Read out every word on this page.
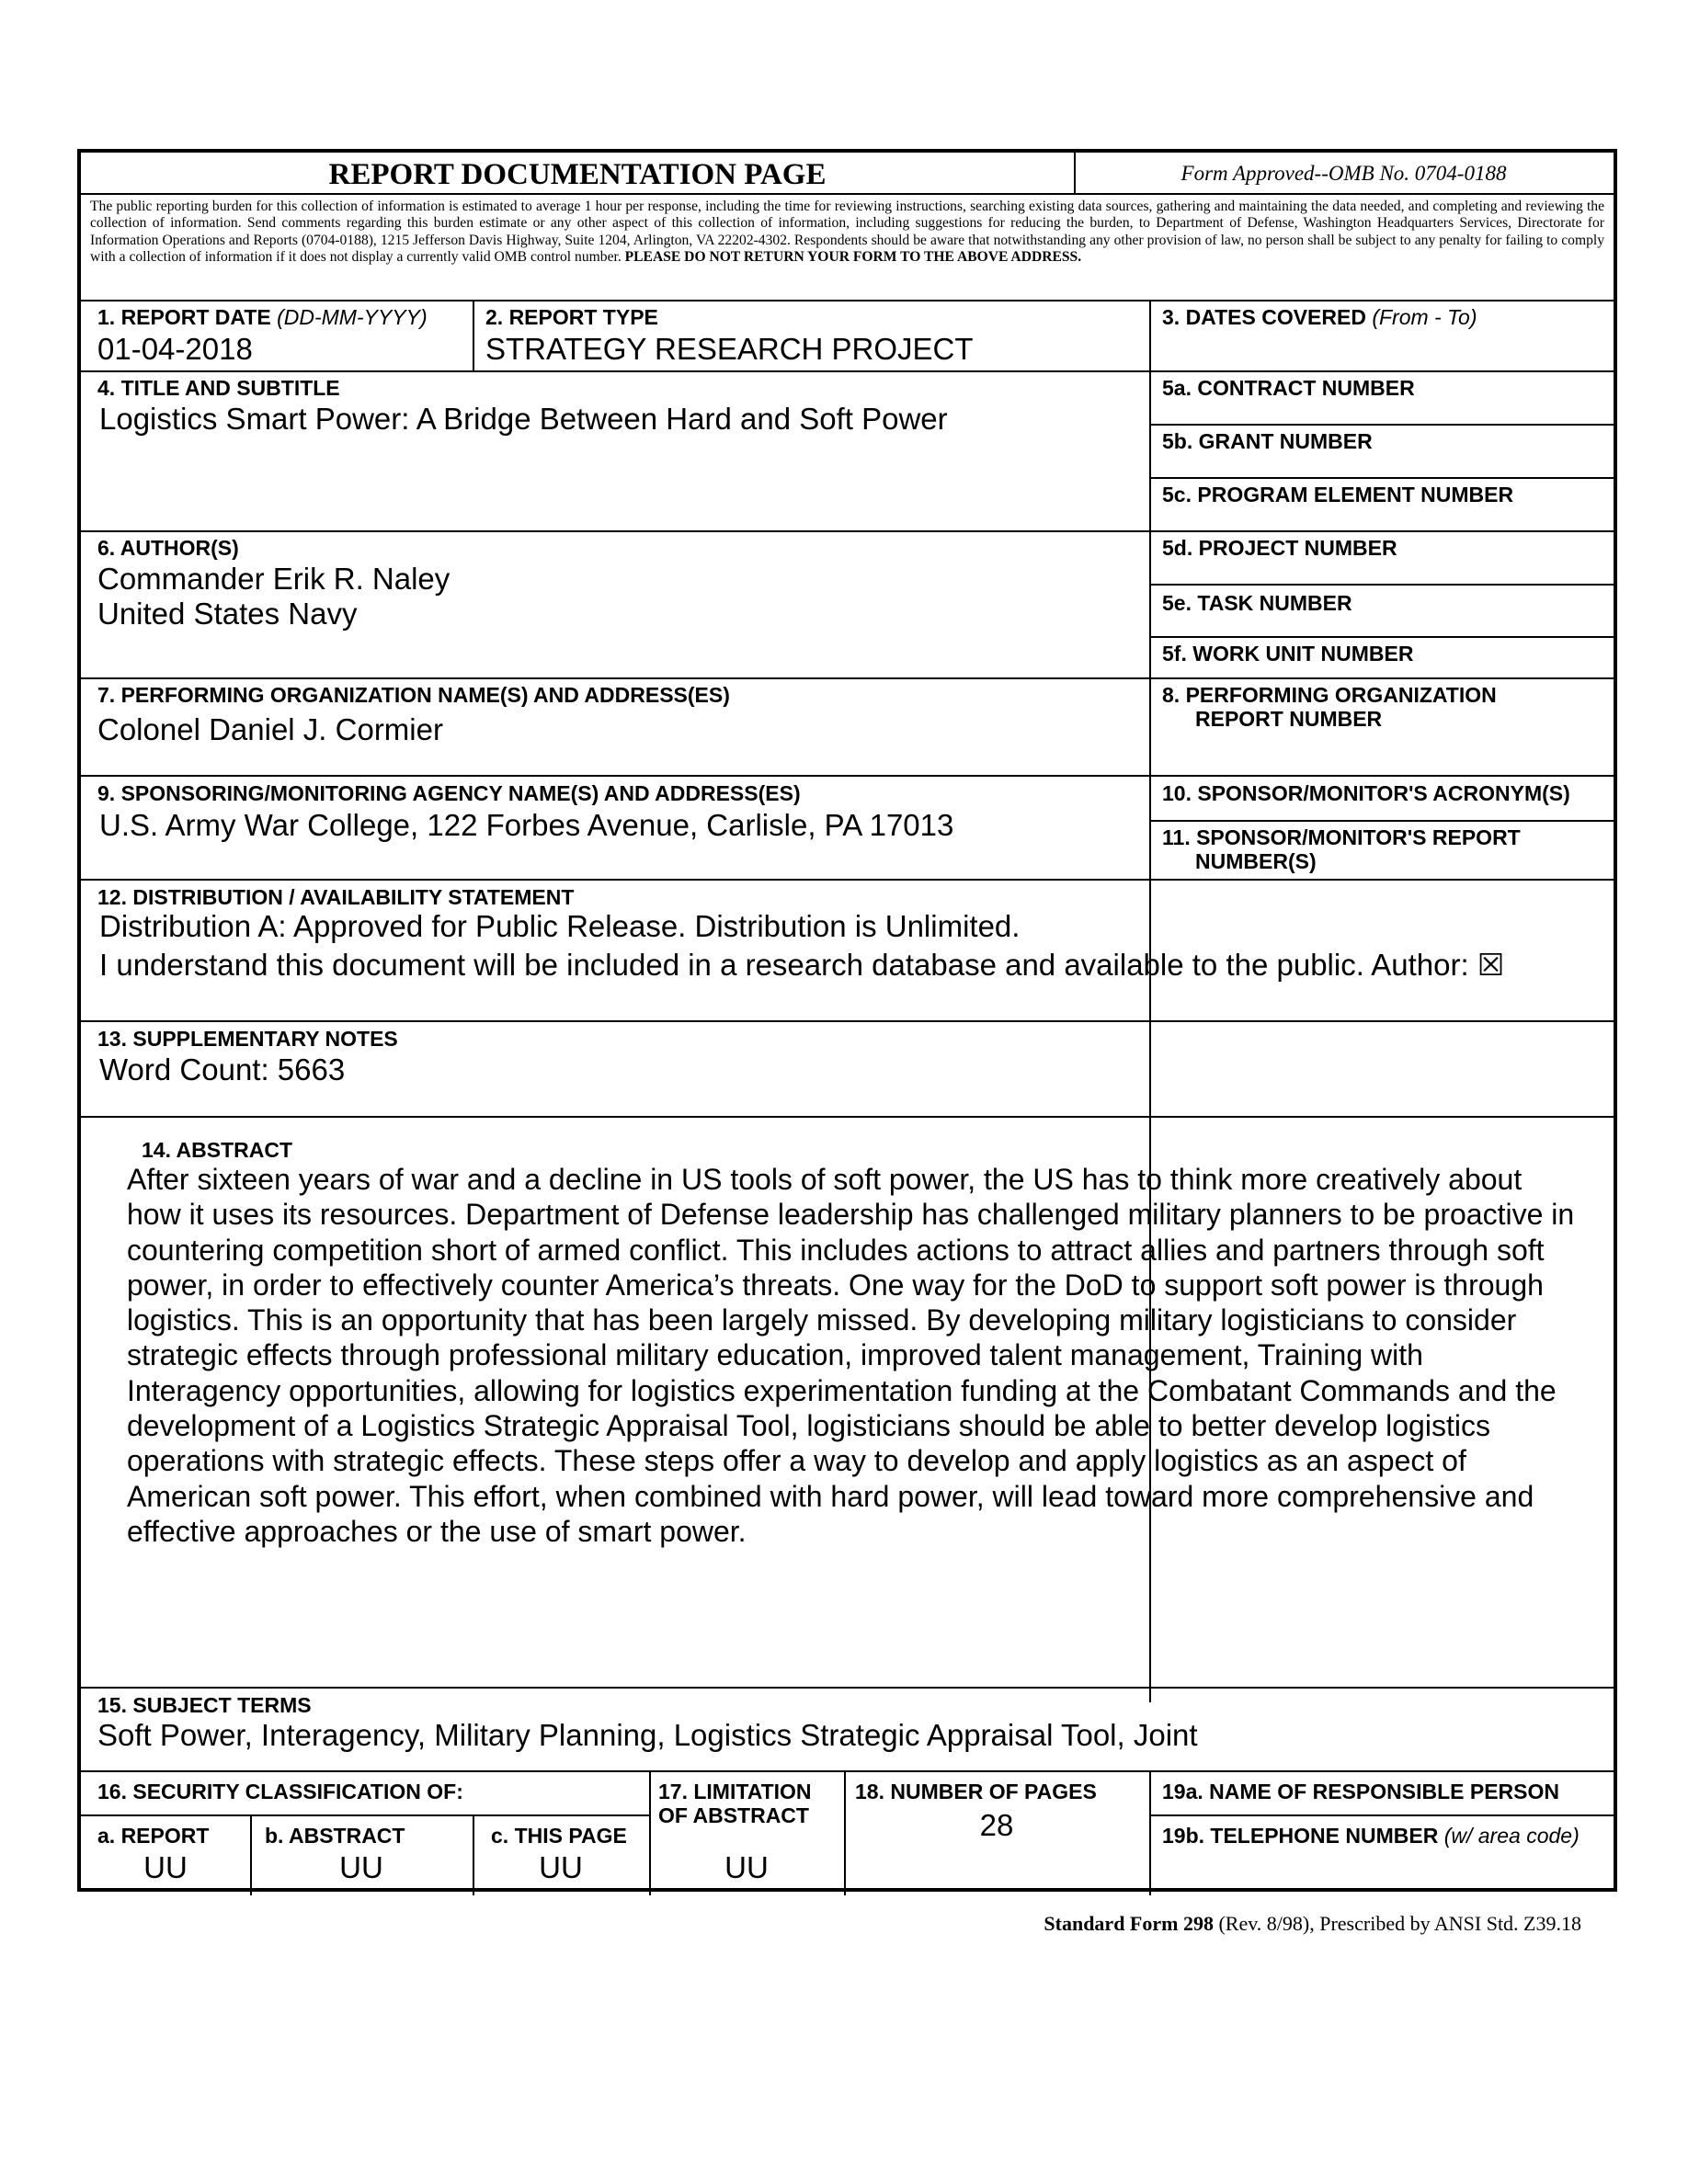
REPORT DOCUMENTATION PAGE	Form Approved--OMB No. 0704-0188
The public reporting burden for this collection of information is estimated to average 1 hour per response, including the time for reviewing instructions, searching existing data sources, gathering and maintaining the data needed, and completing and reviewing the collection of information. Send comments regarding this burden estimate or any other aspect of this collection of information, including suggestions for reducing the burden, to Department of Defense, Washington Headquarters Services, Directorate for Information Operations and Reports (0704-0188), 1215 Jefferson Davis Highway, Suite 1204, Arlington, VA 22202-4302. Respondents should be aware that notwithstanding any other provision of law, no person shall be subject to any penalty for failing to comply with a collection of information if it does not display a currently valid OMB control number. PLEASE DO NOT RETURN YOUR FORM TO THE ABOVE ADDRESS.
1. REPORT DATE (DD-MM-YYYY)
01-04-2018
2. REPORT TYPE
STRATEGY RESEARCH PROJECT
3. DATES COVERED (From - To)
4. TITLE AND SUBTITLE
Logistics Smart Power: A Bridge Between Hard and Soft Power
5a. CONTRACT NUMBER
5b. GRANT NUMBER
5c. PROGRAM ELEMENT NUMBER
6. AUTHOR(S)
Commander Erik R. Naley
United States Navy
5d. PROJECT NUMBER
5e. TASK NUMBER
5f. WORK UNIT NUMBER
7. PERFORMING ORGANIZATION NAME(S) AND ADDRESS(ES)
Colonel Daniel J. Cormier
8. PERFORMING ORGANIZATION
REPORT NUMBER
9. SPONSORING/MONITORING AGENCY NAME(S) AND ADDRESS(ES)
U.S. Army War College, 122 Forbes Avenue, Carlisle, PA 17013
10. SPONSOR/MONITOR'S ACRONYM(S)
11. SPONSOR/MONITOR'S REPORT
NUMBER(S)
12. DISTRIBUTION / AVAILABILITY STATEMENT
Distribution A: Approved for Public Release. Distribution is Unlimited.
I understand this document will be included in a research database and available to the public. Author: ☒
13. SUPPLEMENTARY NOTES
Word Count: 5663
14. ABSTRACT
After sixteen years of war and a decline in US tools of soft power, the US has to think more creatively about how it uses its resources. Department of Defense leadership has challenged military planners to be proactive in countering competition short of armed conflict. This includes actions to attract allies and partners through soft power, in order to effectively counter America’s threats. One way for the DoD to support soft power is through logistics. This is an opportunity that has been largely missed. By developing military logisticians to consider strategic effects through professional military education, improved talent management, Training with Interagency opportunities, allowing for logistics experimentation funding at the Combatant Commands and the development of a Logistics Strategic Appraisal Tool, logisticians should be able to better develop logistics operations with strategic effects. These steps offer a way to develop and apply logistics as an aspect of American soft power. This effort, when combined with hard power, will lead toward more comprehensive and effective approaches or the use of smart power.
15. SUBJECT TERMS
Soft Power, Interagency, Military Planning, Logistics Strategic Appraisal Tool, Joint
16. SECURITY CLASSIFICATION OF:
a. REPORT
UU
b. ABSTRACT
UU
c. THIS PAGE
UU
17. LIMITATION
OF ABSTRACT
UU
18. NUMBER OF PAGES
28
19a. NAME OF RESPONSIBLE PERSON
19b. TELEPHONE NUMBER (w/ area code)
Standard Form 298 (Rev. 8/98), Prescribed by ANSI Std. Z39.18
